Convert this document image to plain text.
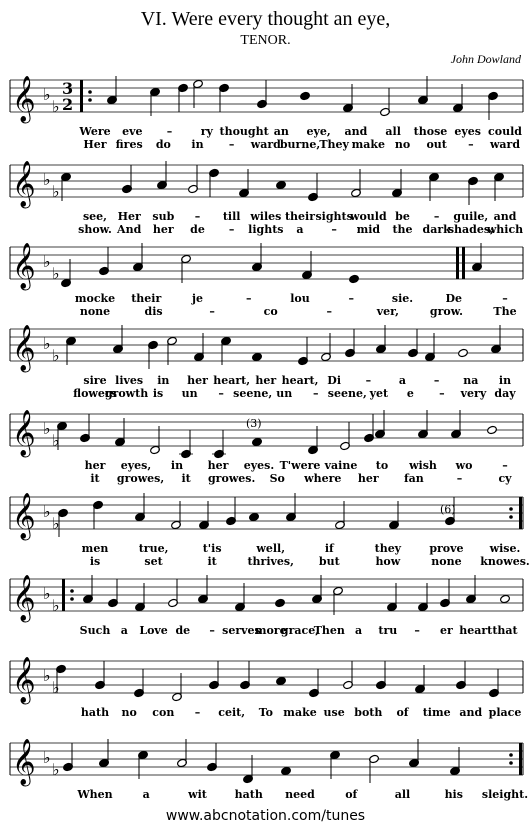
VI. Were every thought an eye,
TENOR.
John Dowland
𝄞 ♭
♭
3
2
Were eve –	ry thought an eye, and all those eyes could
Her fires do in – ward
burne, They make no out – ward
𝄞 ♭
♭
see, Her sub – till wiles their sights
would be – guile, and
show. And her de – lights a	– mid the dark
shades,
which
𝄞 ♭
♭
mocke their	je	–	lou	–	sie.	De	–
none	dis	–	co	–	ver,	grow.	The
𝄞 ♭
♭
sire lives in her heart, her heart, Di –	a	– na in
flowers
growth is un – seene, un – seene, yet e – very day
𝄞 ♭
♭
(3)
her eyes, in her eyes. T'were vaine to wish wo	–
it growes, it growes. So where her fan	–	cy
𝄞 ♭
♭
(6)
men	true,	t'is	well,	if	they	prove wise.
is	set	it	thrives, but	how	none knowes.
𝄞 ♭
♭
Such a Love de – serves
more
grace,
Then a tru – er heart that
𝄞 ♭
♭
hath no con – ceit, To make use both of time and place
𝄞 ♭
♭
When	a	wit	hath need	of	all	his sleight.
www.abcnotation.com/tunes
